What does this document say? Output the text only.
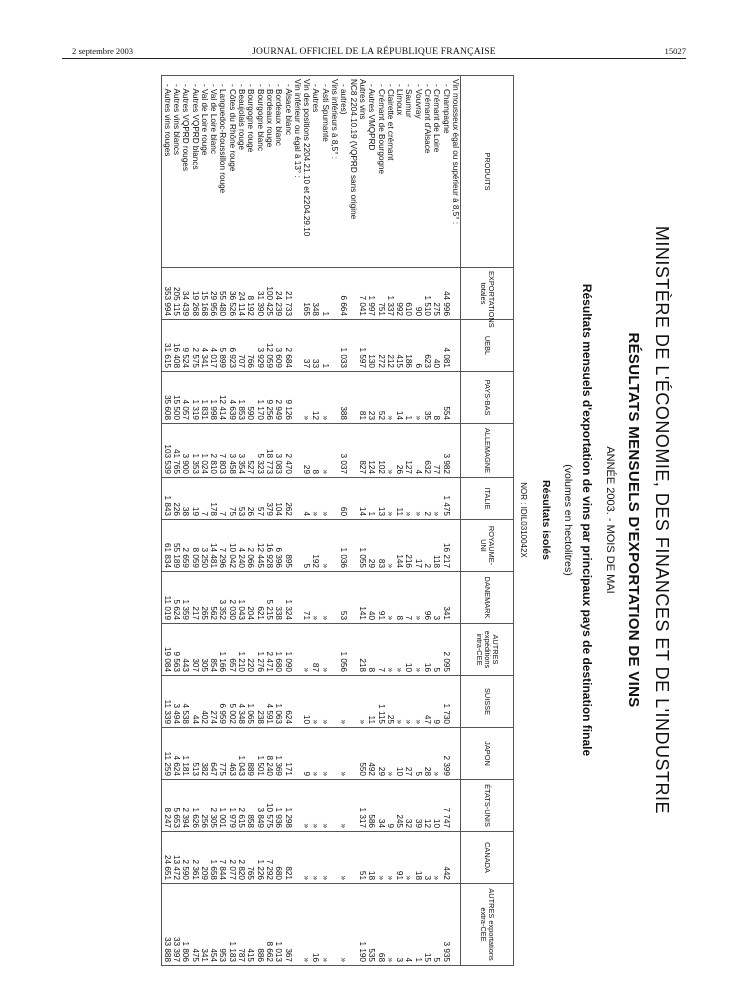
2 septembre 2003	JOURNAL OFFICIEL DE LA RÉPUBLIQUE FRANÇAISE	15027
MINISTÈRE DE L'ÉCONOMIE, DES FINANCES ET DE L'INDUSTRIE
RÉSULTATS MENSUELS D'EXPORTATION DE VINS
ANNÉE 2003. - MOIS DE MAI
Résultats mensuels d'exportation de vins par principaux pays de destination finale
(volumes en hectolitres)
Résultats isolés
NOR : IDIL0310042X
PRODUITS	EXPORTATIONS totales	UEBL	PAYS-BAS	ALLEMAGNE	ITALIE	ROYAUME-UNI	DANEMARK	AUTRES expéditions intra-CEE	SUISSE	JAPON	ÉTATS-UNIS	CANADA	AUTRES exportations extra-CEE
Vin mousseux égal ou supérieur à 8,5° :													
- Champagne	44 996	4 081	554	3 982	1 475	16 217	341	2 095	1 730	2 399	7 747	442	3 935
- Crémant de Loire	275	40	8	77	»	118	3	5	9	»	10	»	5
- Crémant d'Alsace	1 510	623	35	632	2	2	96	16	47	28	12	3	15
- Vouvray	90	6	»	4	»	17	»	»	»	5	39	18	1
- Saumur	610	186	1	127	»	216	7	10	»	27	32	»	4
- Limoux	992	415	14	26	11	144	8	»	»	10	245	91	3
- Clairette et crémant	1 337	212	»	»	»	»	»	»	25	»	9	»	»
- Crémant de Bourgogne	751	272	52	102	13	83	91	7	1 115	29	34	»	68
- Autres VMQPRD	1 997	130	23	124	1	29	40	8	11	492	586	18	535
Autres vins	7 041	1 597	81	827	14	1 055	141	218	»	550	1 317	51	1 190
NC8 2204.10.19 (VQPRD sans origine													
- autres)	6 664	1 033	388	3 037	60	1 036	53	1 056	»	»	»	»	»
Vins inférieurs à 8,5° :													
- Asti Spumante	1	1	»	»	»	»	»	»	»	»	»	»	»
- Autres	348	33	12	8	»	192	»	87	»	»	»	»	16
Vin des positions 2204.21.10 et 2204.29.10	165	37	»	29	4	5	71	»	10	9	»	»	»
Vin inférieur ou égal à 13° :													
- Alsace blanc	21 733	2 684	9 126	2 470	262	895	1 324	1 090	624	171	1 298	821	367
- Bordeaux blanc	24 239	3 609	2 949	3 083	104	6 396	338	1 680	1 063	1 369	1 936	680	1 013
- Bordeaux rouge	100 425	12 059	9 256	18 773	379	16 928	5 215	2 471	4 591	8 240	10 575	7 292	8 662
- Bourgogne blanc	31 390	3 929	1 170	5 323	57	12 445	621	1 276	238	1 501	3 849	1 226	886
- Bourgogne rouge	8 192	766	590	527	26	2 066	204	220	1 065	889	858	765	415
- Beaujolais rouge	24 114	707	1 853	3 354	53	4 240	1 043	1 210	4 348	1 043	2 615	2 820	787
- Côtes du Rhône rouge	36 526	6 923	4 639	3 458	75	10 042	2 030	657	5 002	463	1 979	2 077	1 183
- Languedoc-Roussillon rouge	55 480	5 899	12 414	7 803	7	7 296	3 352	1 166	6 959	775	1 001	7 844	953
- Val de Loire blanc	29 956	4 017	1 998	2 810	178	14 481	562	854	274	647	2 305	1 658	454
- Val de Loire rouge	15 168	4 341	1 831	1 024	7	3 250	265	305	402	382	256	209	341
- Autres VQPRD blancs	19 268	2 575	1 319	1 353	19	8 059	217	307	44	513	1 626	2 361	475
- Autres VQPRD rouges	34 439	9 524	4 057	3 900	38	2 659	1 359	443	4 538	1 181	2 394	2 590	1 806
- Autres vins blancs	205 115	16 408	15 500	41 765	226	55 189	5 624	9 563	3 494	4 624	5 653	13 472	33 397
- Autres vins rouges	353 994	31 615	35 608	103 539	1 843	61 834	11 019	19 084	11 339	11 259	8 247	24 651	33 888
